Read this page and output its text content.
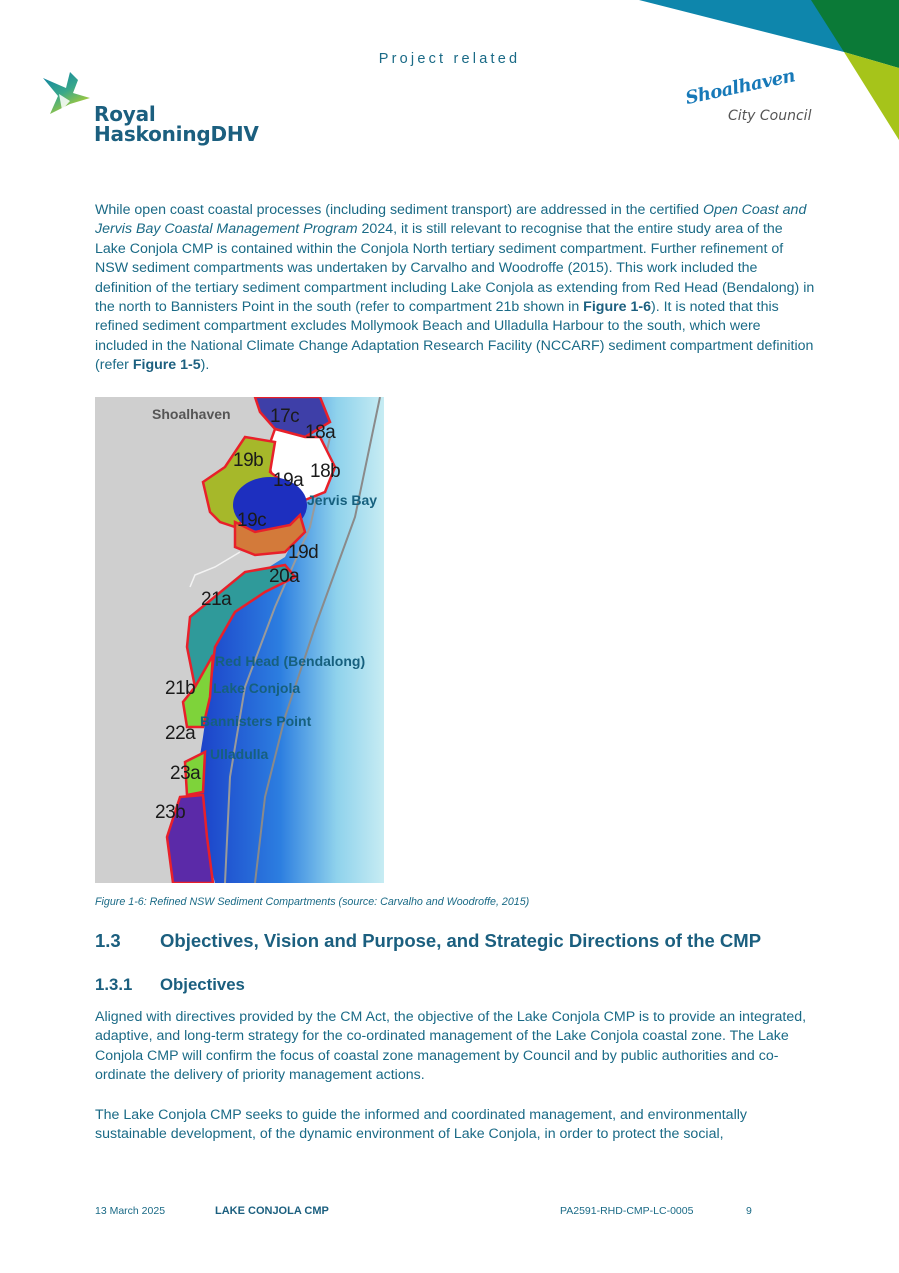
Project related
Royal
HaskoningDHV
Shoalhaven
City Council
While open coast coastal processes (including sediment transport) are addressed in the certified Open Coast and Jervis Bay Coastal Management Program 2024, it is still relevant to recognise that the entire study area of the Lake Conjola CMP is contained within the Conjola North tertiary sediment compartment. Further refinement of NSW sediment compartments was undertaken by Carvalho and Woodroffe (2015). This work included the definition of the tertiary sediment compartment including Lake Conjola as extending from Red Head (Bendalong) in the north to Bannisters Point in the south (refer to compartment 21b shown in Figure 1-6). It is noted that this refined sediment compartment excludes Mollymook Beach and Ulladulla Harbour to the south, which were included in the National Climate Change Adaptation Research Facility (NCCARF) sediment compartment definition (refer Figure 1-5).
Shoalhaven 17c
18a
19b
18b
19a
19c
19d
20a
21a
21b
22a
23a
23b
Jervis Bay
Red Head (Bendalong)
Lake Conjola
Bannisters Point
Ulladulla
Figure 1-6: Refined NSW Sediment Compartments (source: Carvalho and Woodroffe, 2015)
1.3 Objectives, Vision and Purpose, and Strategic Directions of the CMP
1.3.1 Objectives
Aligned with directives provided by the CM Act, the objective of the Lake Conjola CMP is to provide an integrated, adaptive, and long-term strategy for the co-ordinated management of the Lake Conjola coastal zone. The Lake Conjola CMP will confirm the focus of coastal zone management by Council and by public authorities and co-ordinate the delivery of priority management actions.
The Lake Conjola CMP seeks to guide the informed and coordinated management, and environmentally sustainable development, of the dynamic environment of Lake Conjola, in order to protect the social,
13 March 2025	LAKE CONJOLA CMP	PA2591-RHD-CMP-LC-0005	9
